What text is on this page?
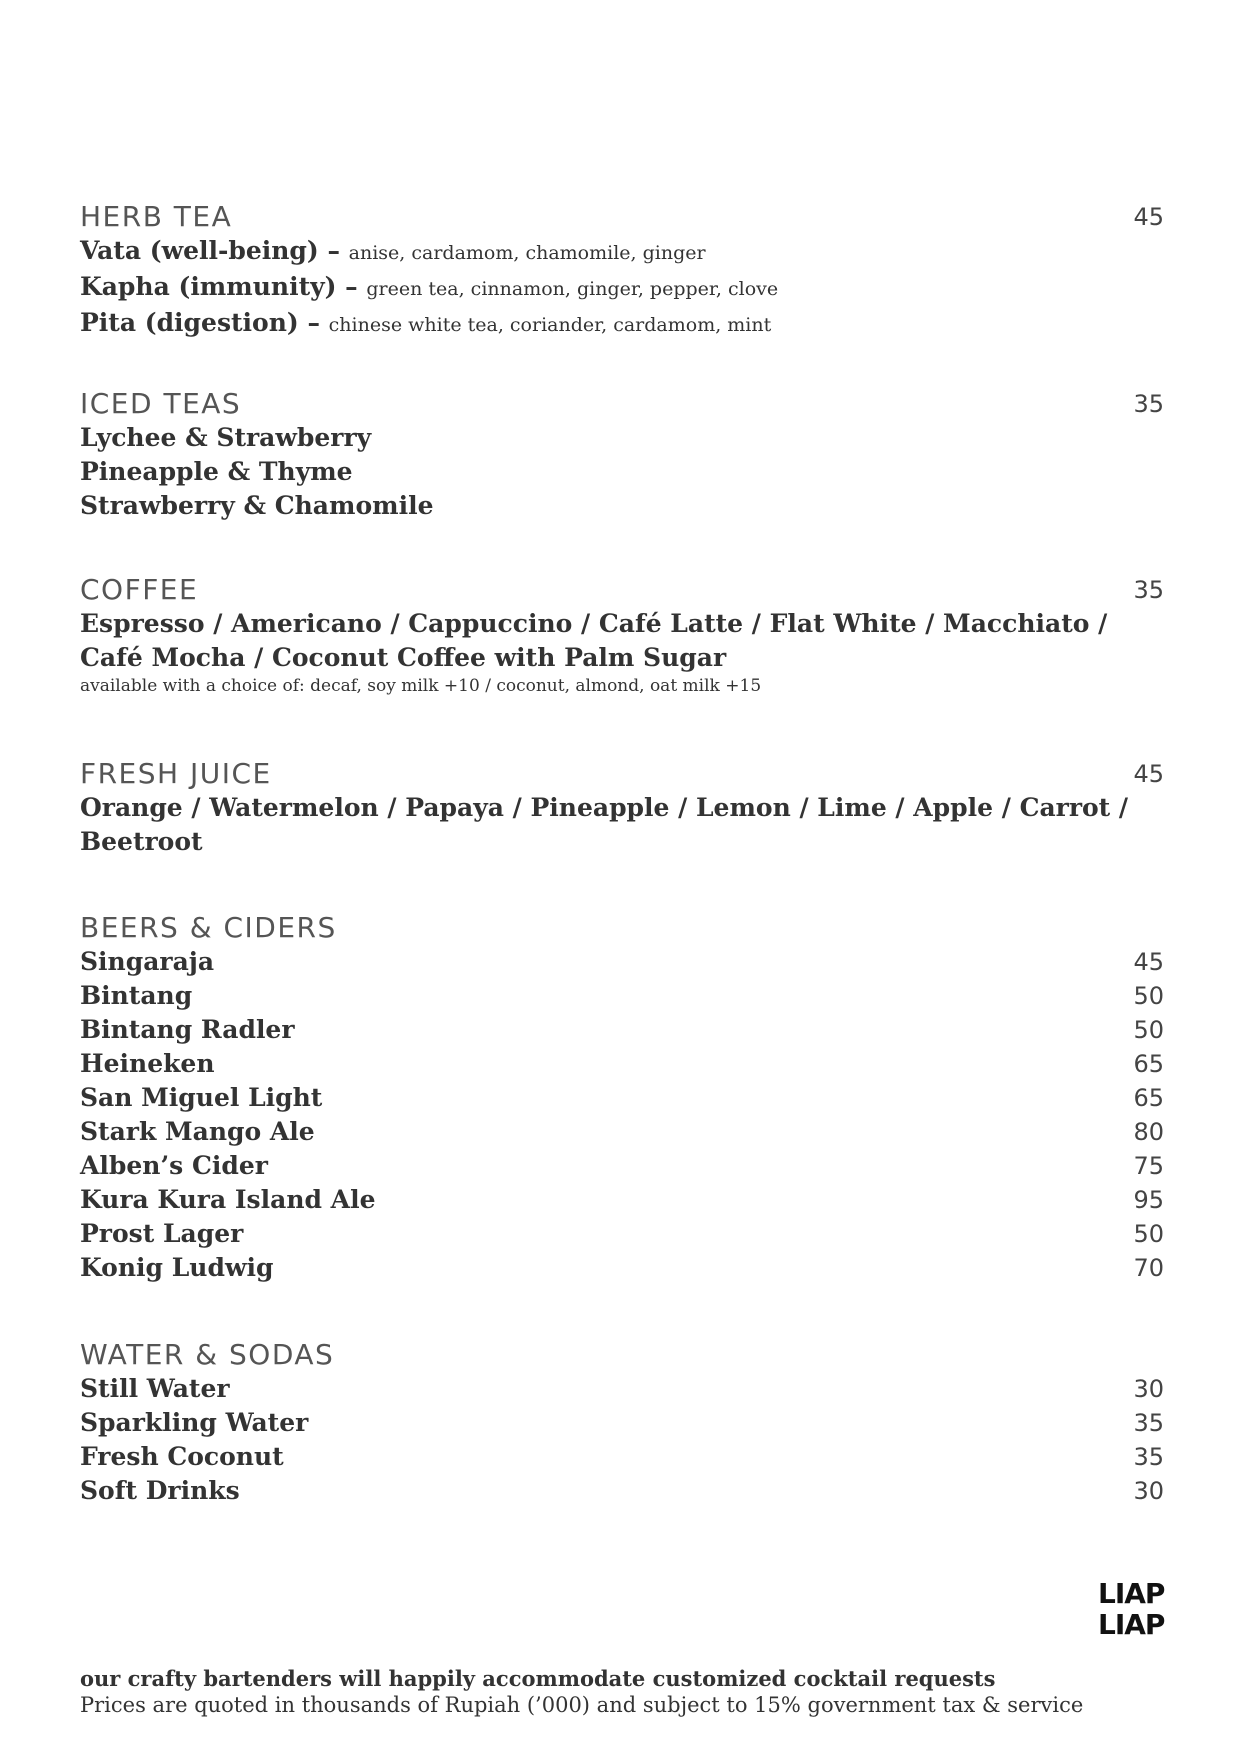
HERB TEA	45
Vata (well-being) – anise, cardamom, chamomile, ginger
Kapha (immunity) – green tea, cinnamon, ginger, pepper, clove
Pita (digestion) – chinese white tea, coriander, cardamom, mint
ICED TEAS	35
Lychee & Strawberry
Pineapple & Thyme
Strawberry & Chamomile
COFFEE	35
Espresso / Americano / Cappuccino / Café Latte / Flat White / Macchiato /
Café Mocha / Coconut Coffee with Palm Sugar
available with a choice of: decaf, soy milk +10 / coconut, almond, oat milk +15
FRESH JUICE	45
Orange / Watermelon / Papaya / Pineapple / Lemon / Lime / Apple / Carrot /
Beetroot
BEERS & CIDERS
Singaraja	45
Bintang	50
Bintang Radler	50
Heineken	65
San Miguel Light	65
Stark Mango Ale	80
Alben’s Cider	75
Kura Kura Island Ale	95
Prost Lager	50
Konig Ludwig	70
WATER & SODAS
Still Water	30
Sparkling Water	35
Fresh Coconut	35
Soft Drinks	30
LIAP
LIAP
our crafty bartenders will happily accommodate customized cocktail requests
Prices are quoted in thousands of Rupiah (’000) and subject to 15% government tax & service
